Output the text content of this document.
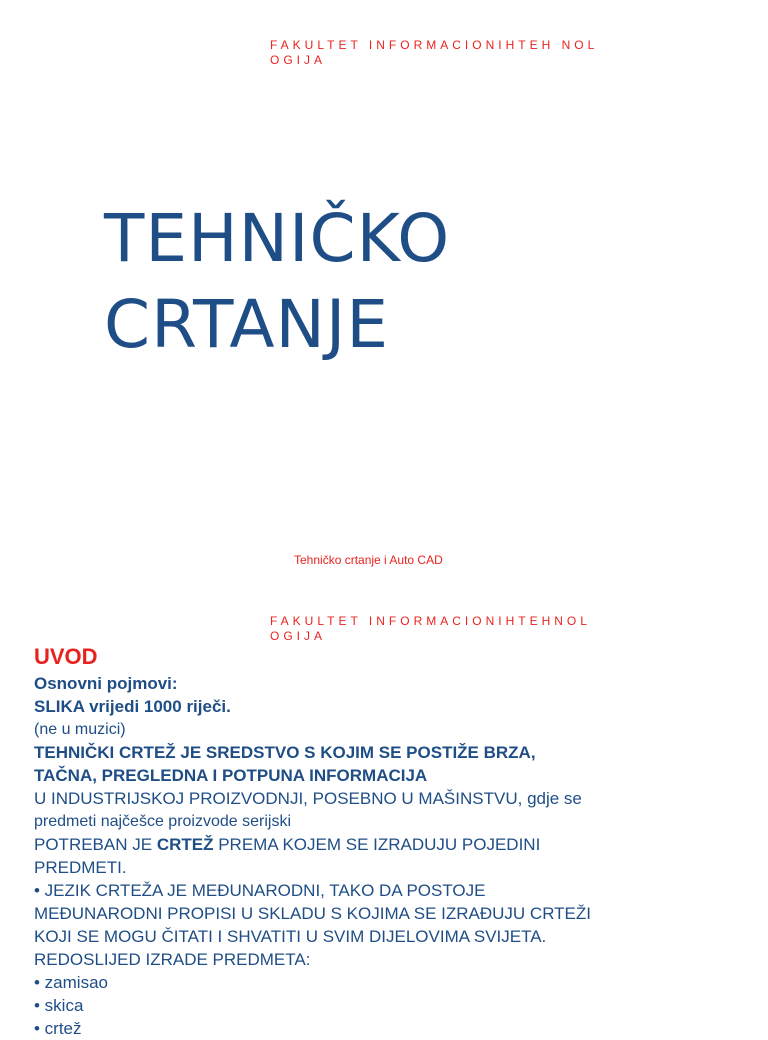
FAKULTET INFORMACIONIHTEH NOL
OGIJA
TEHNIČKO
CRTANJE
Tehničko crtanje i Auto CAD
FAKULTET INFORMACIONIHTEHNOL
OGIJA
UVOD
Osnovni pojmovi:
SLIKA vrijedi 1000 riječi.
(ne u muzici)
TEHNIČKI CRTEŽ JE SREDSTVO S KOJIM SE POSTIŽE BRZA,
TAČNA, PREGLEDNA I POTPUNA INFORMACIJA
U INDUSTRIJSKOJ PROIZVODNJI, POSEBNO U MAŠINSTVU, gdje se
predmeti najčešce proizvode serijski
POTREBAN JE CRTEŽ PREMA KOJEM SE IZRADUJU POJEDINI
PREDMETI.
• JEZIK CRTEŽA JE MEĐUNARODNI, TAKO DA POSTOJE
MEĐUNARODNI PROPISI U SKLADU S KOJIMA SE IZRAĐUJU CRTEŽI
KOJI SE MOGU ČITATI I SHVATITI U SVIM DIJELOVIMA SVIJETA.
REDOSLIJED IZRADE PREDMETA:
• zamisao
• skica
• crtež
